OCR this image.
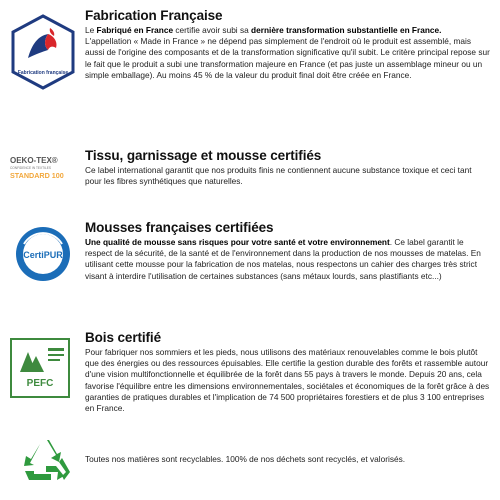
Fabrication française
Fabrication Française

Le Fabriqué en France certifie avoir subi sa dernière transformation substantielle en France. L'appellation « Made in France » ne dépend pas simplement de l'endroit où le produit est assemblé, mais aussi de l'origine des composants et de la transformation significative qu'il subit. Le critère principal repose sur le fait que le produit a subi une transformation majeure en France (et pas juste un assemblage mineur ou un simple emballage). Au moins 45 % de la valeur du produit final doit être créée en France.

OEKO-TEX®
CONFIDENCE IN TEXTILES
STANDARD 100
Tissu, garnissage et mousse certifiés

Ce label international garantit que nos produits finis ne contiennent aucune substance toxique et ceci tant pour les fibres synthétiques que naturelles.

CertiPUR
Mousses françaises certifiées

Une qualité de mousse sans risques pour votre santé et votre environnement. Ce label garantit le respect de la sécurité, de la santé et de l'environnement dans la production de nos mousses de matelas. En utilisant cette mousse pour la fabrication de nos matelas, nous respectons un cahier des charges très strict visant à interdire l'utilisation de certaines substances (sans métaux lourds, sans plastifiants etc...)

PEFC
Bois certifié

Pour fabriquer nos sommiers et les pieds, nous utilisons des matériaux renouvelables comme le bois plutôt que des énergies ou des ressources épuisables. Elle certifie la gestion durable des forêts et rassemble autour d'une vision multifonctionnelle et équilibrée de la forêt dans 55 pays à travers le monde. Depuis 20 ans, cela favorise l'équilibre entre les dimensions environnementales, sociétales et économiques de la forêt grâce à des garanties de pratiques durables et l'implication de 74 500 propriétaires forestiers et de plus 3 100 entreprises en France.

Toutes nos matières sont recyclables. 100% de nos déchets sont recyclés, et valorisés.
